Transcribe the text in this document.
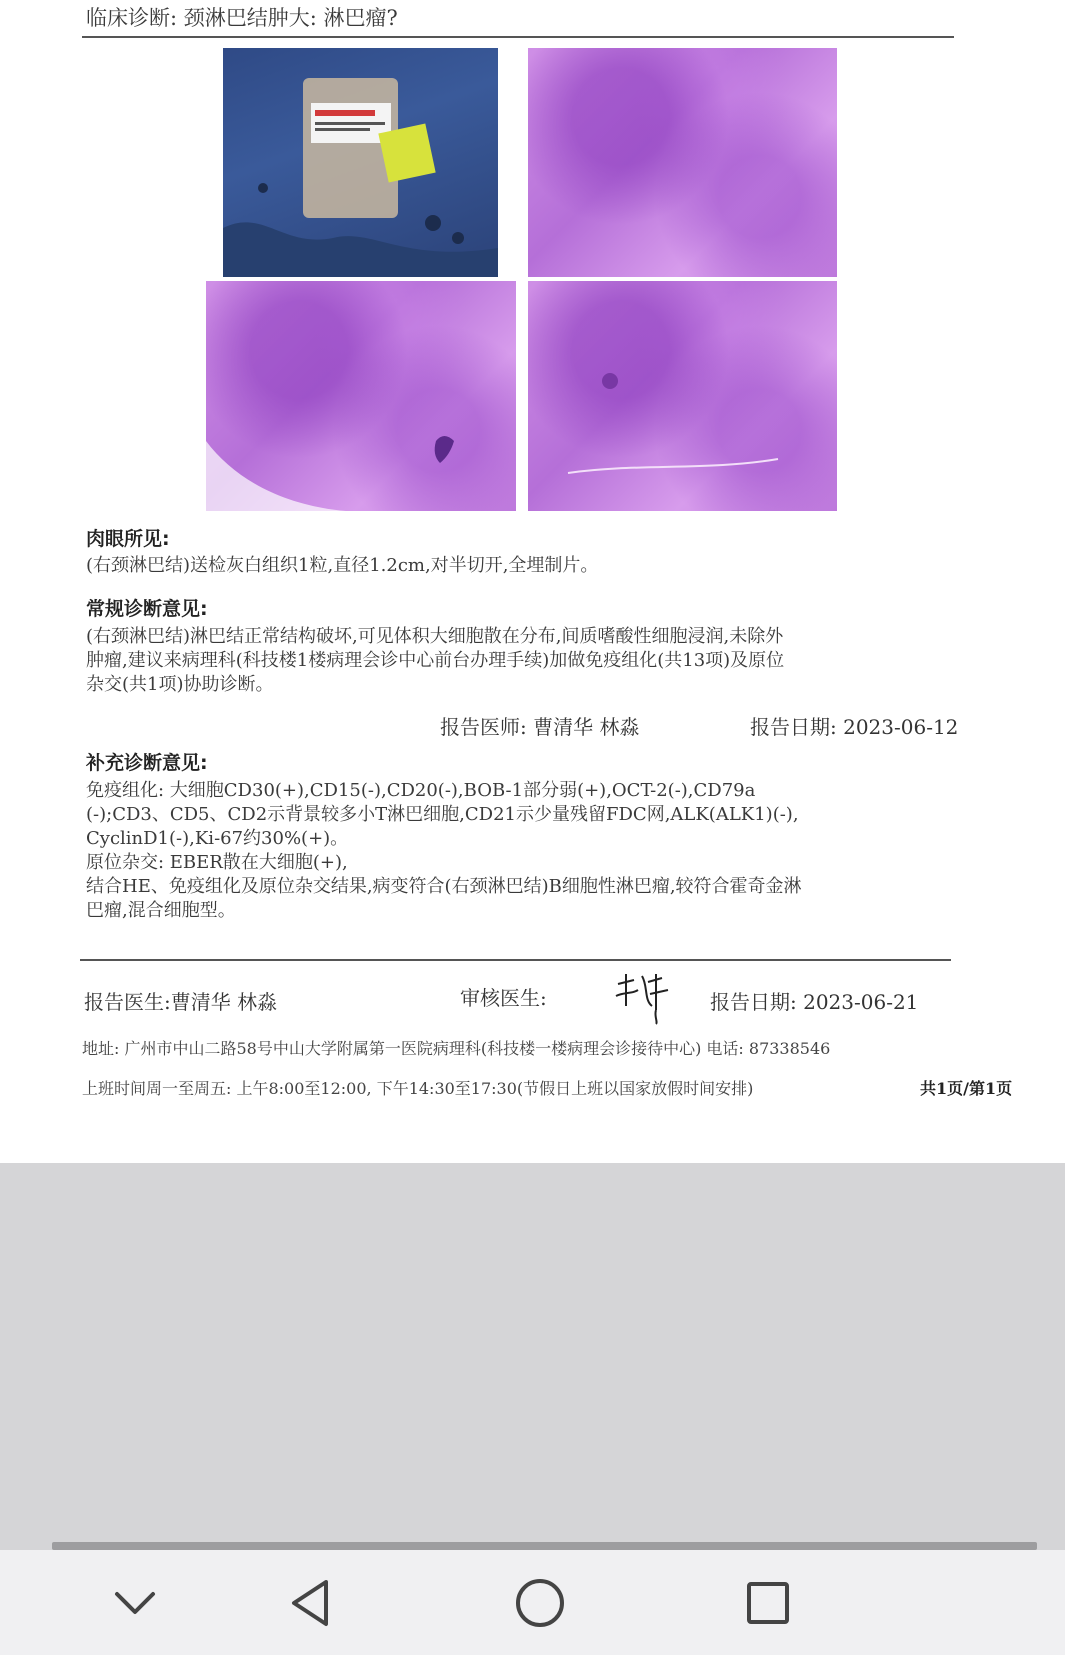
临床诊断: 颈淋巴结肿大: 淋巴瘤?
肉眼所见:
(右颈淋巴结)送检灰白组织1粒,直径1.2cm,对半切开,全埋制片。
常规诊断意见:
(右颈淋巴结)淋巴结正常结构破坏,可见体积大细胞散在分布,间质嗜酸性细胞浸润,未除外
肿瘤,建议来病理科(科技楼1楼病理会诊中心前台办理手续)加做免疫组化(共13项)及原位
杂交(共1项)协助诊断。
报告医师: 曹清华 林淼	报告日期: 2023-06-12
补充诊断意见:
免疫组化: 大细胞CD30(+),CD15(-),CD20(-),BOB-1部分弱(+),OCT-2(-),CD79a
(-);CD3、CD5、CD2示背景较多小T淋巴细胞,CD21示少量残留FDC网,ALK(ALK1)(-),
CyclinD1(-),Ki-67约30%(+)。
原位杂交: EBER散在大细胞(+),
结合HE、免疫组化及原位杂交结果,病变符合(右颈淋巴结)B细胞性淋巴瘤,较符合霍奇金淋
巴瘤,混合细胞型。
报告医生:曹清华 林淼	审核医生:	报告日期: 2023-06-21
地址: 广州市中山二路58号中山大学附属第一医院病理科(科技楼一楼病理会诊接待中心) 电话: 87338546
上班时间周一至周五: 上午8:00至12:00, 下午14:30至17:30(节假日上班以国家放假时间安排)	共1页/第1页
